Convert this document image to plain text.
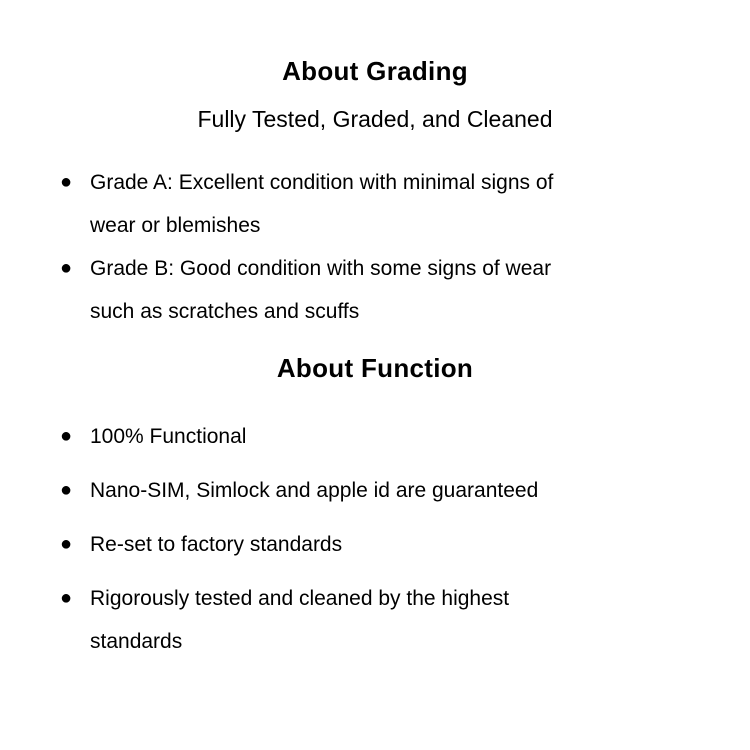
About Grading
Fully Tested, Graded, and Cleaned
● Grade A: Excellent condition with minimal signs of
wear or blemishes
● Grade B: Good condition with some signs of wear
such as scratches and scuffs
About Function
● 100% Functional
● Nano-SIM, Simlock and apple id are guaranteed
● Re-set to factory standards
● Rigorously tested and cleaned by the highest
standards
